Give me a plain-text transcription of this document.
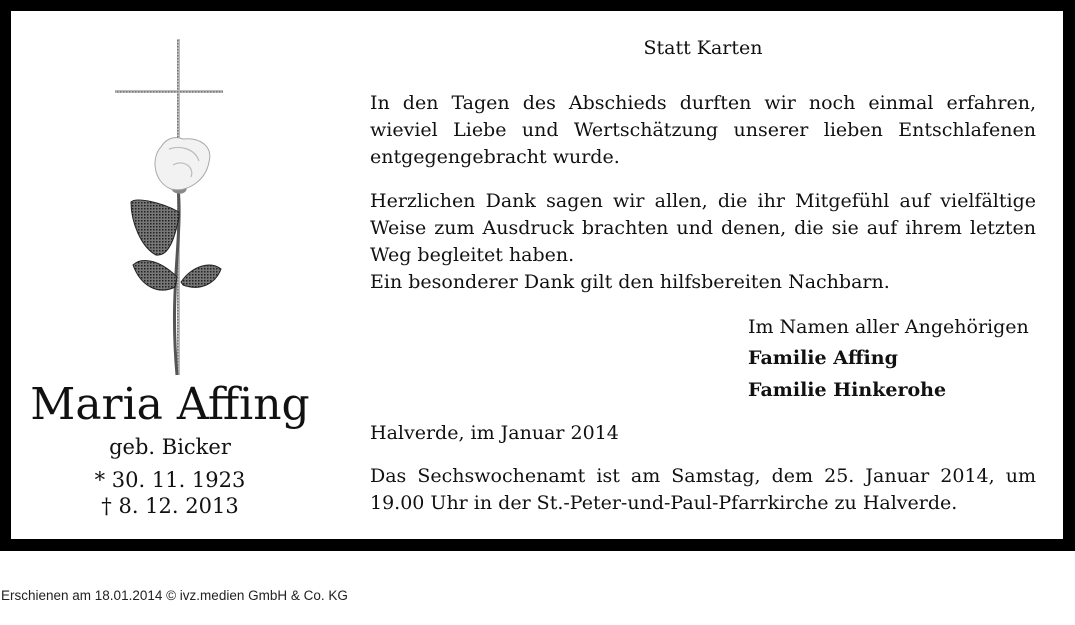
Maria Affing
geb. Bicker
* 30. 11. 1923
† 8. 12. 2013
Statt Karten
In den Tagen des Abschieds durften wir noch einmal erfahren, wieviel Liebe und Wertschätzung unserer lieben Entschlafenen entgegengebracht wurde.
Herzlichen Dank sagen wir allen, die ihr Mitgefühl auf vielfältige Weise zum Ausdruck brachten und denen, die sie auf ihrem letzten Weg begleitet haben.
Ein besonderer Dank gilt den hilfsbereiten Nachbarn.
Im Namen aller Angehörigen
Familie Affing
Familie Hinkerohe
Halverde, im Januar 2014
Das Sechswochenamt ist am Samstag, dem 25. Januar 2014, um 19.00 Uhr in der St.-Peter-und-Paul-Pfarrkirche zu Halverde.
Erschienen am 18.01.2014 © ivz.medien GmbH & Co. KG
